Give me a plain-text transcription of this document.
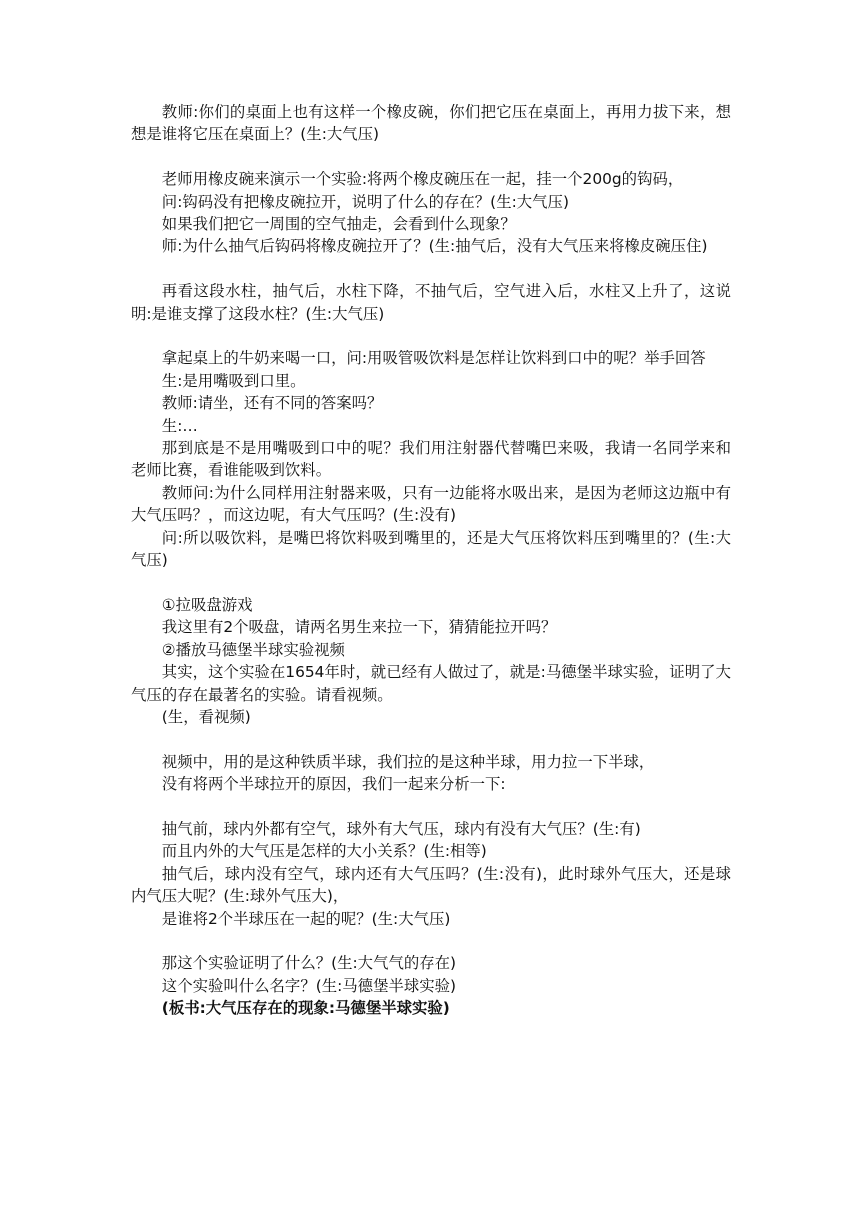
教师:你们的桌面上也有这样一个橡皮碗，你们把它压在桌面上，再用力拔下来，想想是谁将它压在桌面上？(生:大气压)

老师用橡皮碗来演示一个实验:将两个橡皮碗压在一起，挂一个200g的钩码，

问:钩码没有把橡皮碗拉开，说明了什么的存在？(生:大气压)

如果我们把它一周围的空气抽走，会看到什么现象？

师:为什么抽气后钩码将橡皮碗拉开了？(生:抽气后，没有大气压来将橡皮碗压住)

再看这段水柱，抽气后，水柱下降，不抽气后，空气进入后，水柱又上升了，这说明:是谁支撑了这段水柱？(生:大气压)

拿起桌上的牛奶来喝一口，问:用吸管吸饮料是怎样让饮料到口中的呢？举手回答

生:是用嘴吸到口里。

教师:请坐，还有不同的答案吗？

生:…

那到底是不是用嘴吸到口中的呢？我们用注射器代替嘴巴来吸，我请一名同学来和老师比赛，看谁能吸到饮料。

教师问:为什么同样用注射器来吸，只有一边能将水吸出来，是因为老师这边瓶中有大气压吗？，而这边呢，有大气压吗？(生:没有)

问:所以吸饮料，是嘴巴将饮料吸到嘴里的，还是大气压将饮料压到嘴里的？(生:大气压)

①拉吸盘游戏

我这里有2个吸盘，请两名男生来拉一下，猜猜能拉开吗？

②播放马德堡半球实验视频

其实，这个实验在1654年时，就已经有人做过了，就是:马德堡半球实验，证明了大气压的存在最著名的实验。请看视频。

(生，看视频)

视频中，用的是这种铁质半球，我们拉的是这种半球，用力拉一下半球，

没有将两个半球拉开的原因，我们一起来分析一下:

抽气前，球内外都有空气，球外有大气压，球内有没有大气压？(生:有)

而且内外的大气压是怎样的大小关系？(生:相等)

抽气后，球内没有空气，球内还有大气压吗？(生:没有)，此时球外气压大，还是球内气压大呢？(生:球外气压大)，

是谁将2个半球压在一起的呢？(生:大气压)

那这个实验证明了什么？(生:大气气的存在)

这个实验叫什么名字？(生:马德堡半球实验)

(板书:大气压存在的现象:马德堡半球实验)
